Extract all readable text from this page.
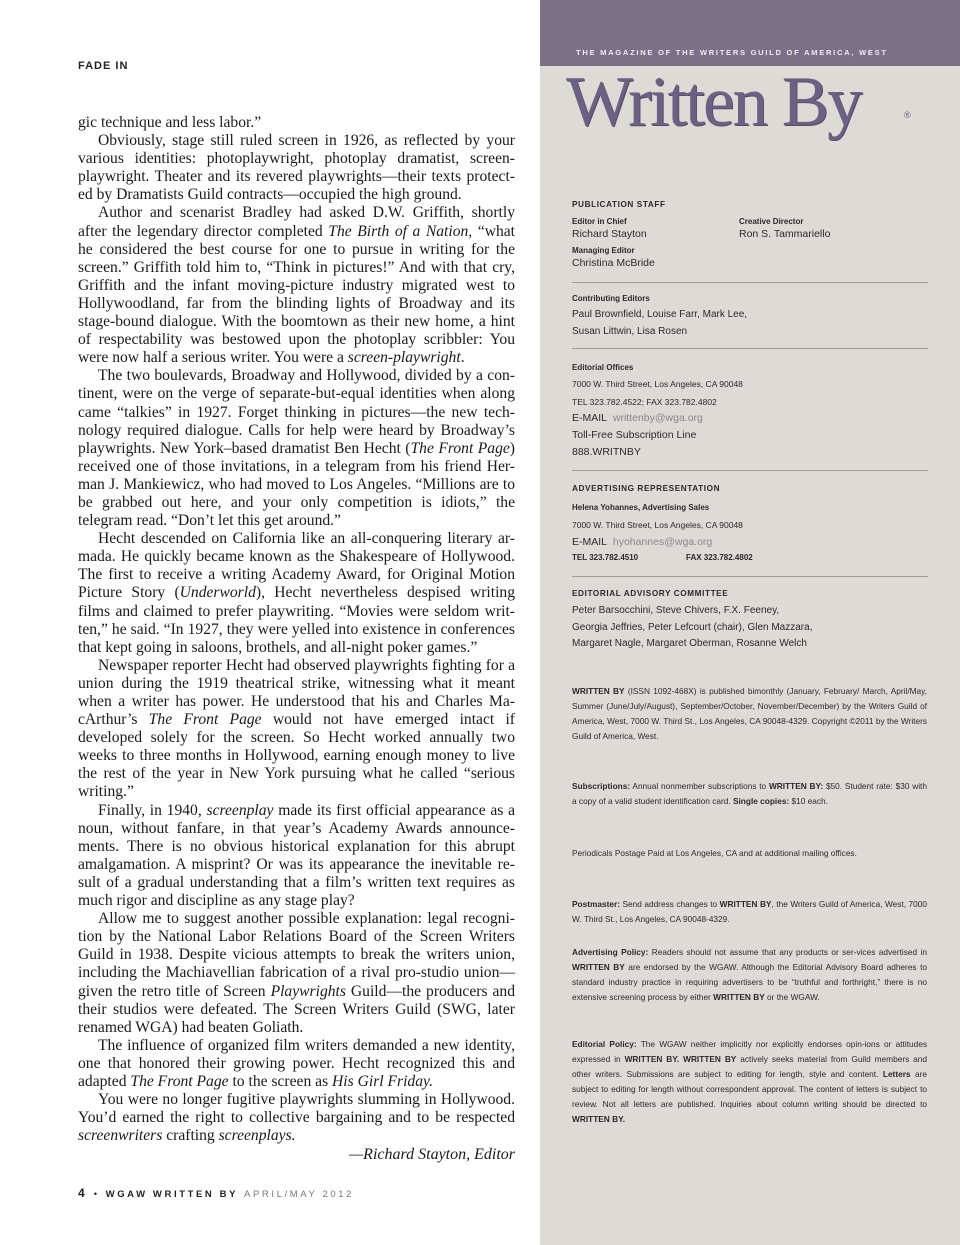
FADE IN

gic technique and less labor.”

Obviously, stage still ruled screen in 1926, as reflected by your various identities: photoplaywright, photoplay dramatist, screen-playwright. Theater and its revered playwrights—their texts protect-ed by Dramatists Guild contracts—occupied the high ground.

Author and scenarist Bradley had asked D.W. Griffith, shortly after the legendary director completed The Birth of a Nation, “what he considered the best course for one to pursue in writing for the screen.” Griffith told him to, “Think in pictures!” And with that cry, Griffith and the infant moving-picture industry migrated west to Hollywoodland, far from the blinding lights of Broadway and its stage-bound dialogue. With the boomtown as their new home, a hint of respectability was bestowed upon the photoplay scribbler: You were now half a serious writer. You were a screen-playwright.

The two boulevards, Broadway and Hollywood, divided by a con-tinent, were on the verge of separate-but-equal identities when along came “talkies” in 1927. Forget thinking in pictures—the new tech-nology required dialogue. Calls for help were heard by Broadway’s playwrights. New York–based dramatist Ben Hecht (The Front Page) received one of those invitations, in a telegram from his friend Her-man J. Mankiewicz, who had moved to Los Angeles. “Millions are to be grabbed out here, and your only competition is idiots,” the telegram read. “Don’t let this get around.”

Hecht descended on California like an all-conquering literary ar-mada. He quickly became known as the Shakespeare of Hollywood. The first to receive a writing Academy Award, for Original Motion Picture Story (Underworld), Hecht nevertheless despised writing films and claimed to prefer playwriting. “Movies were seldom writ-ten,” he said. “In 1927, they were yelled into existence in conferences that kept going in saloons, brothels, and all-night poker games.”

Newspaper reporter Hecht had observed playwrights fighting for a union during the 1919 theatrical strike, witnessing what it meant when a writer has power. He understood that his and Charles Ma-cArthur’s The Front Page would not have emerged intact if developed solely for the screen. So Hecht worked annually two weeks to three months in Hollywood, earning enough money to live the rest of the year in New York pursuing what he called “serious writing.”

Finally, in 1940, screenplay made its first official appearance as a noun, without fanfare, in that year’s Academy Awards announce-ments. There is no obvious historical explanation for this abrupt amalgamation. A misprint? Or was its appearance the inevitable re-sult of a gradual understanding that a film’s written text requires as much rigor and discipline as any stage play?

Allow me to suggest another possible explanation: legal recogni-tion by the National Labor Relations Board of the Screen Writers Guild in 1938. Despite vicious attempts to break the writers union, including the Machiavellian fabrication of a rival pro-studio union—given the retro title of Screen Playwrights Guild—the producers and their studios were defeated. The Screen Writers Guild (SWG, later renamed WGA) had beaten Goliath.

The influence of organized film writers demanded a new identity, one that honored their growing power. Hecht recognized this and adapted The Front Page to the screen as His Girl Friday.

You were no longer fugitive playwrights slumming in Hollywood. You’d earned the right to collective bargaining and to be respected screenwriters crafting screenplays.

—Richard Stayton, Editor
4 • WGAW WRITTEN BY APRIL/MAY 2012
THE MAGAZINE OF THE WRITERS GUILD OF AMERICA, WEST
Written By	®
PUBLICATION STAFF
Editor in Chief
Richard Stayton
Creative Director
Ron S. Tammariello
Managing Editor
Christina McBride
Contributing Editors
Paul Brownfield, Louise Farr, Mark Lee,
Susan Littwin, Lisa Rosen
Editorial Offices
7000 W. Third Street, Los Angeles, CA 90048
TEL 323.782.4522; FAX 323.782.4802
E-MAIL writtenby@wga.org
Toll-Free Subscription Line
888.WRITNBY
ADVERTISING REPRESENTATION
Helena Yohannes, Advertising Sales
7000 W. Third Street, Los Angeles, CA 90048
E-MAIL hyohannes@wga.org
TEL 323.782.4510	FAX 323.782.4802
EDITORIAL ADVISORY COMMITTEE
Peter Barsocchini, Steve Chivers, F.X. Feeney,
Georgia Jeffries, Peter Lefcourt (chair), Glen Mazzara,
Margaret Nagle, Margaret Oberman, Rosanne Welch
WRITTEN BY (ISSN 1092-468X) is published bimonthly (January, February/ March, April/May, Summer (June/July/August), September/October, November/December) by the Writers Guild of America, West, 7000 W. Third St., Los Angeles, CA 90048-4329. Copyright ©2011 by the Writers Guild of America, West.
Subscriptions: Annual nonmember subscriptions to WRITTEN BY: $50. Student rate: $30 with a copy of a valid student identification card. Single copies: $10 each.
Periodicals Postage Paid at Los Angeles, CA and at additional mailing offices.
Postmaster: Send address changes to WRITTEN BY, the Writers Guild of America, West, 7000 W. Third St., Los Angeles, CA 90048-4329.
Advertising Policy: Readers should not assume that any products or ser-vices advertised in WRITTEN BY are endorsed by the WGAW. Although the Editorial Advisory Board adheres to standard industry practice in requiring advertisers to be “truthful and forthright,” there is no extensive screening process by either WRITTEN BY or the WGAW.
Editorial Policy: The WGAW neither implicitly nor explicitly endorses opin-ions or attitudes expressed in WRITTEN BY. WRITTEN BY actively seeks material from Guild members and other writers. Submissions are subject to editing for length, style and content. Letters are subject to editing for length without correspondent approval. The content of letters is subject to review. Not all letters are published. Inquiries about column writing should be directed to WRITTEN BY.
